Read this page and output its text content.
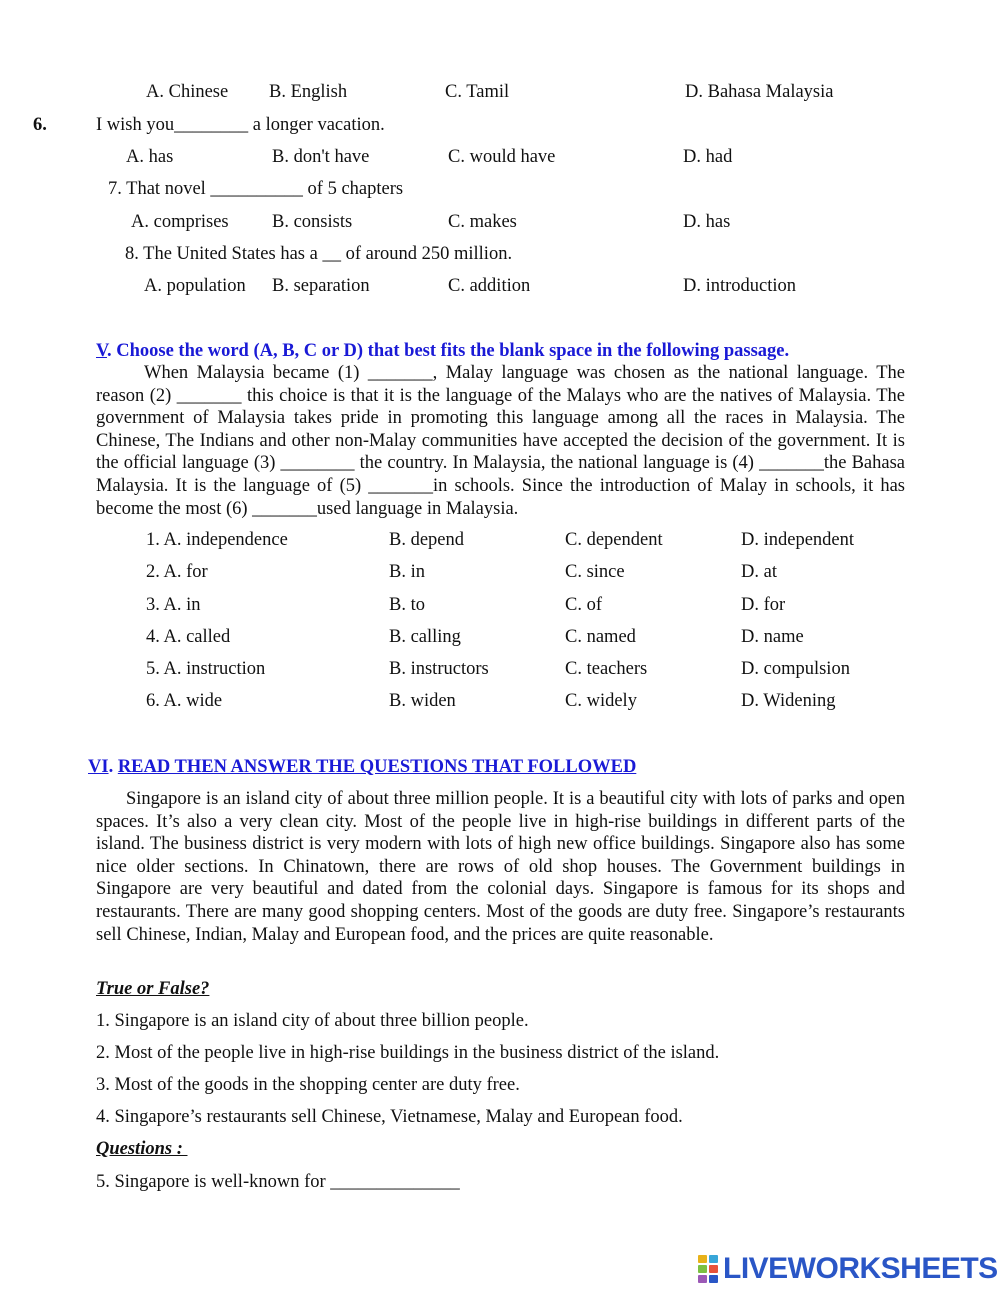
A. Chinese B. English	C. Tamil	D. Bahasa Malaysia
6.	I wish you________ a longer vacation.
A. has	B. don't have	C. would have	D. had
7. That novel __________ of 5 chapters
A. comprises B. consists	C. makes	D. has
8. The United States has a __ of around 250 million.
A. population B. separation	C. addition	D. introduction
V. Choose the word (A, B, C or D) that best fits the blank space in the following passage.
When Malaysia became (1) _______, Malay language was chosen as the national language. The reason (2) _______ this choice is that it is the language of the Malays who are the natives of Malaysia. The government of Malaysia takes pride in promoting this language among all the races in Malaysia. The Chinese, The Indians and other non-Malay communities have accepted the decision of the government. It is the official language (3) ________ the country. In Malaysia, the national language is (4) _______the Bahasa Malaysia. It is the language of (5) _______in schools. Since the introduction of Malay in schools, it has become the most (6) _______used language in Malaysia.
1. A. independence	B. depend	C. dependent	D. independent
2. A. for	B. in	C. since	D. at
3. A. in	B. to	C. of	D. for
4. A. called	B. calling	C. named	D. name
5. A. instruction	B. instructors	C. teachers	D. compulsion
6. A. wide	B. widen	C. widely	D. Widening
VI. READ THEN ANSWER THE QUESTIONS THAT FOLLOWED
Singapore is an island city of about three million people. It is a beautiful city with lots of parks and open spaces. It’s also a very clean city. Most of the people live in high-rise buildings in different parts of the island. The business district is very modern with lots of high new office buildings. Singapore also has some nice older sections. In Chinatown, there are rows of old shop houses. The Government buildings in Singapore are very beautiful and dated from the colonial days. Singapore is famous for its shops and restaurants. There are many good shopping centers. Most of the goods are duty free. Singapore’s restaurants sell Chinese, Indian, Malay and European food, and the prices are quite reasonable.
True or False?
1. Singapore is an island city of about three billion people.
2. Most of the people live in high-rise buildings in the business district of the island.
3. Most of the goods in the shopping center are duty free.
4. Singapore’s restaurants sell Chinese, Vietnamese, Malay and European food.
Questions :
5. Singapore is well-known for ______________
LIVEWORKSHEETS
